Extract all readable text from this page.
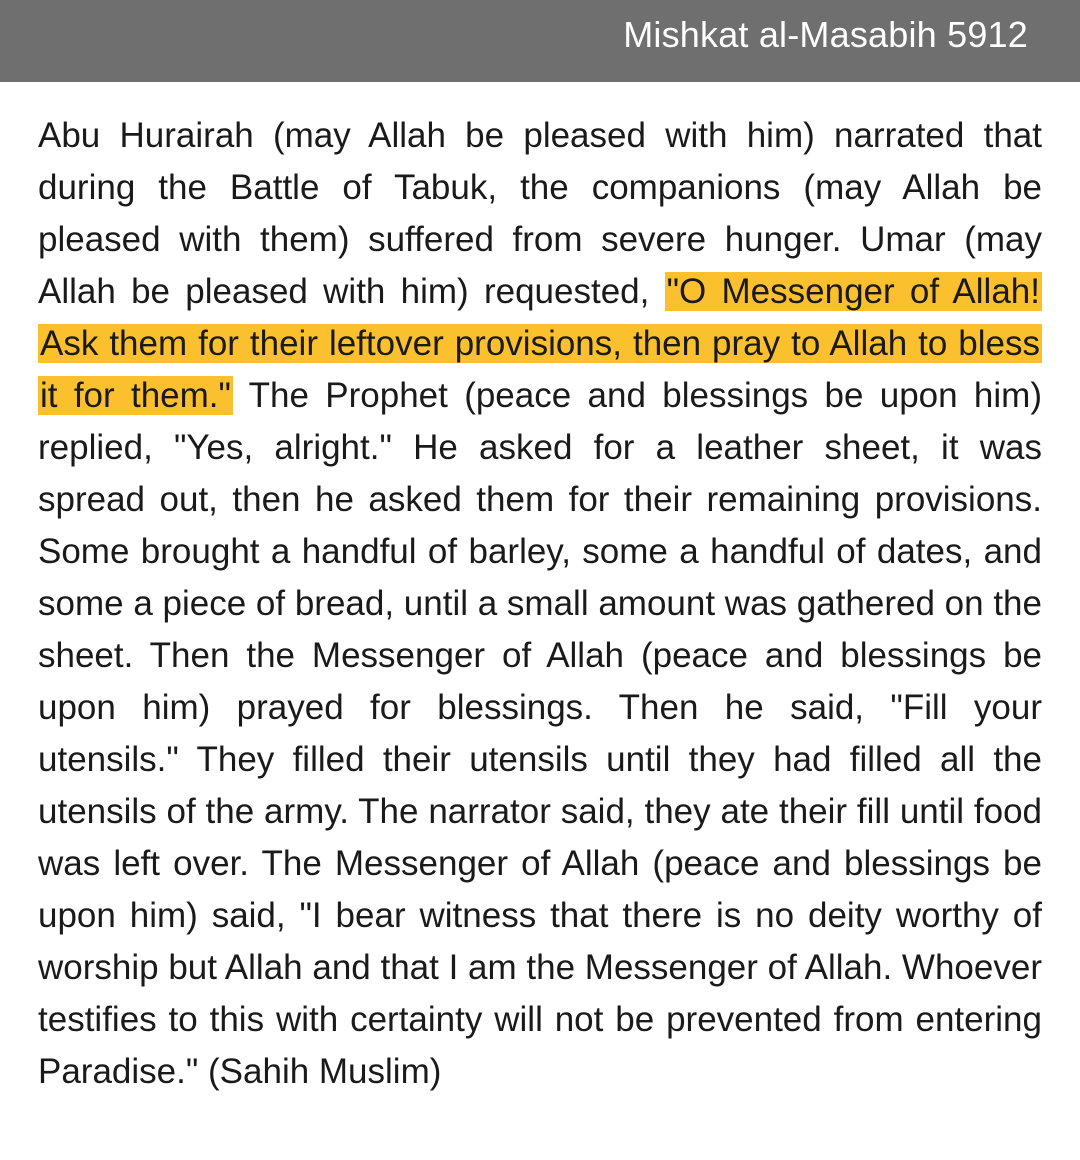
Mishkat al-Masabih 5912

Abu Hurairah (may Allah be pleased with him) narrated that during the Battle of Tabuk, the companions (may Allah be pleased with them) suffered from severe hunger. Umar (may Allah be pleased with him) requested, "O Messenger of Allah! Ask them for their leftover provisions, then pray to Allah to bless it for them." The Prophet (peace and blessings be upon him) replied, "Yes, alright." He asked for a leather sheet, it was spread out, then he asked them for their remaining provisions. Some brought a handful of barley, some a handful of dates, and some a piece of bread, until a small amount was gathered on the sheet. Then the Messenger of Allah (peace and blessings be upon him) prayed for blessings. Then he said, "Fill your utensils." They filled their utensils until they had filled all the utensils of the army. The narrator said, they ate their fill until food was left over. The Messenger of Allah (peace and blessings be upon him) said, "I bear witness that there is no deity worthy of worship but Allah and that I am the Messenger of Allah. Whoever testifies to this with certainty will not be prevented from entering Paradise." (Sahih Muslim)
